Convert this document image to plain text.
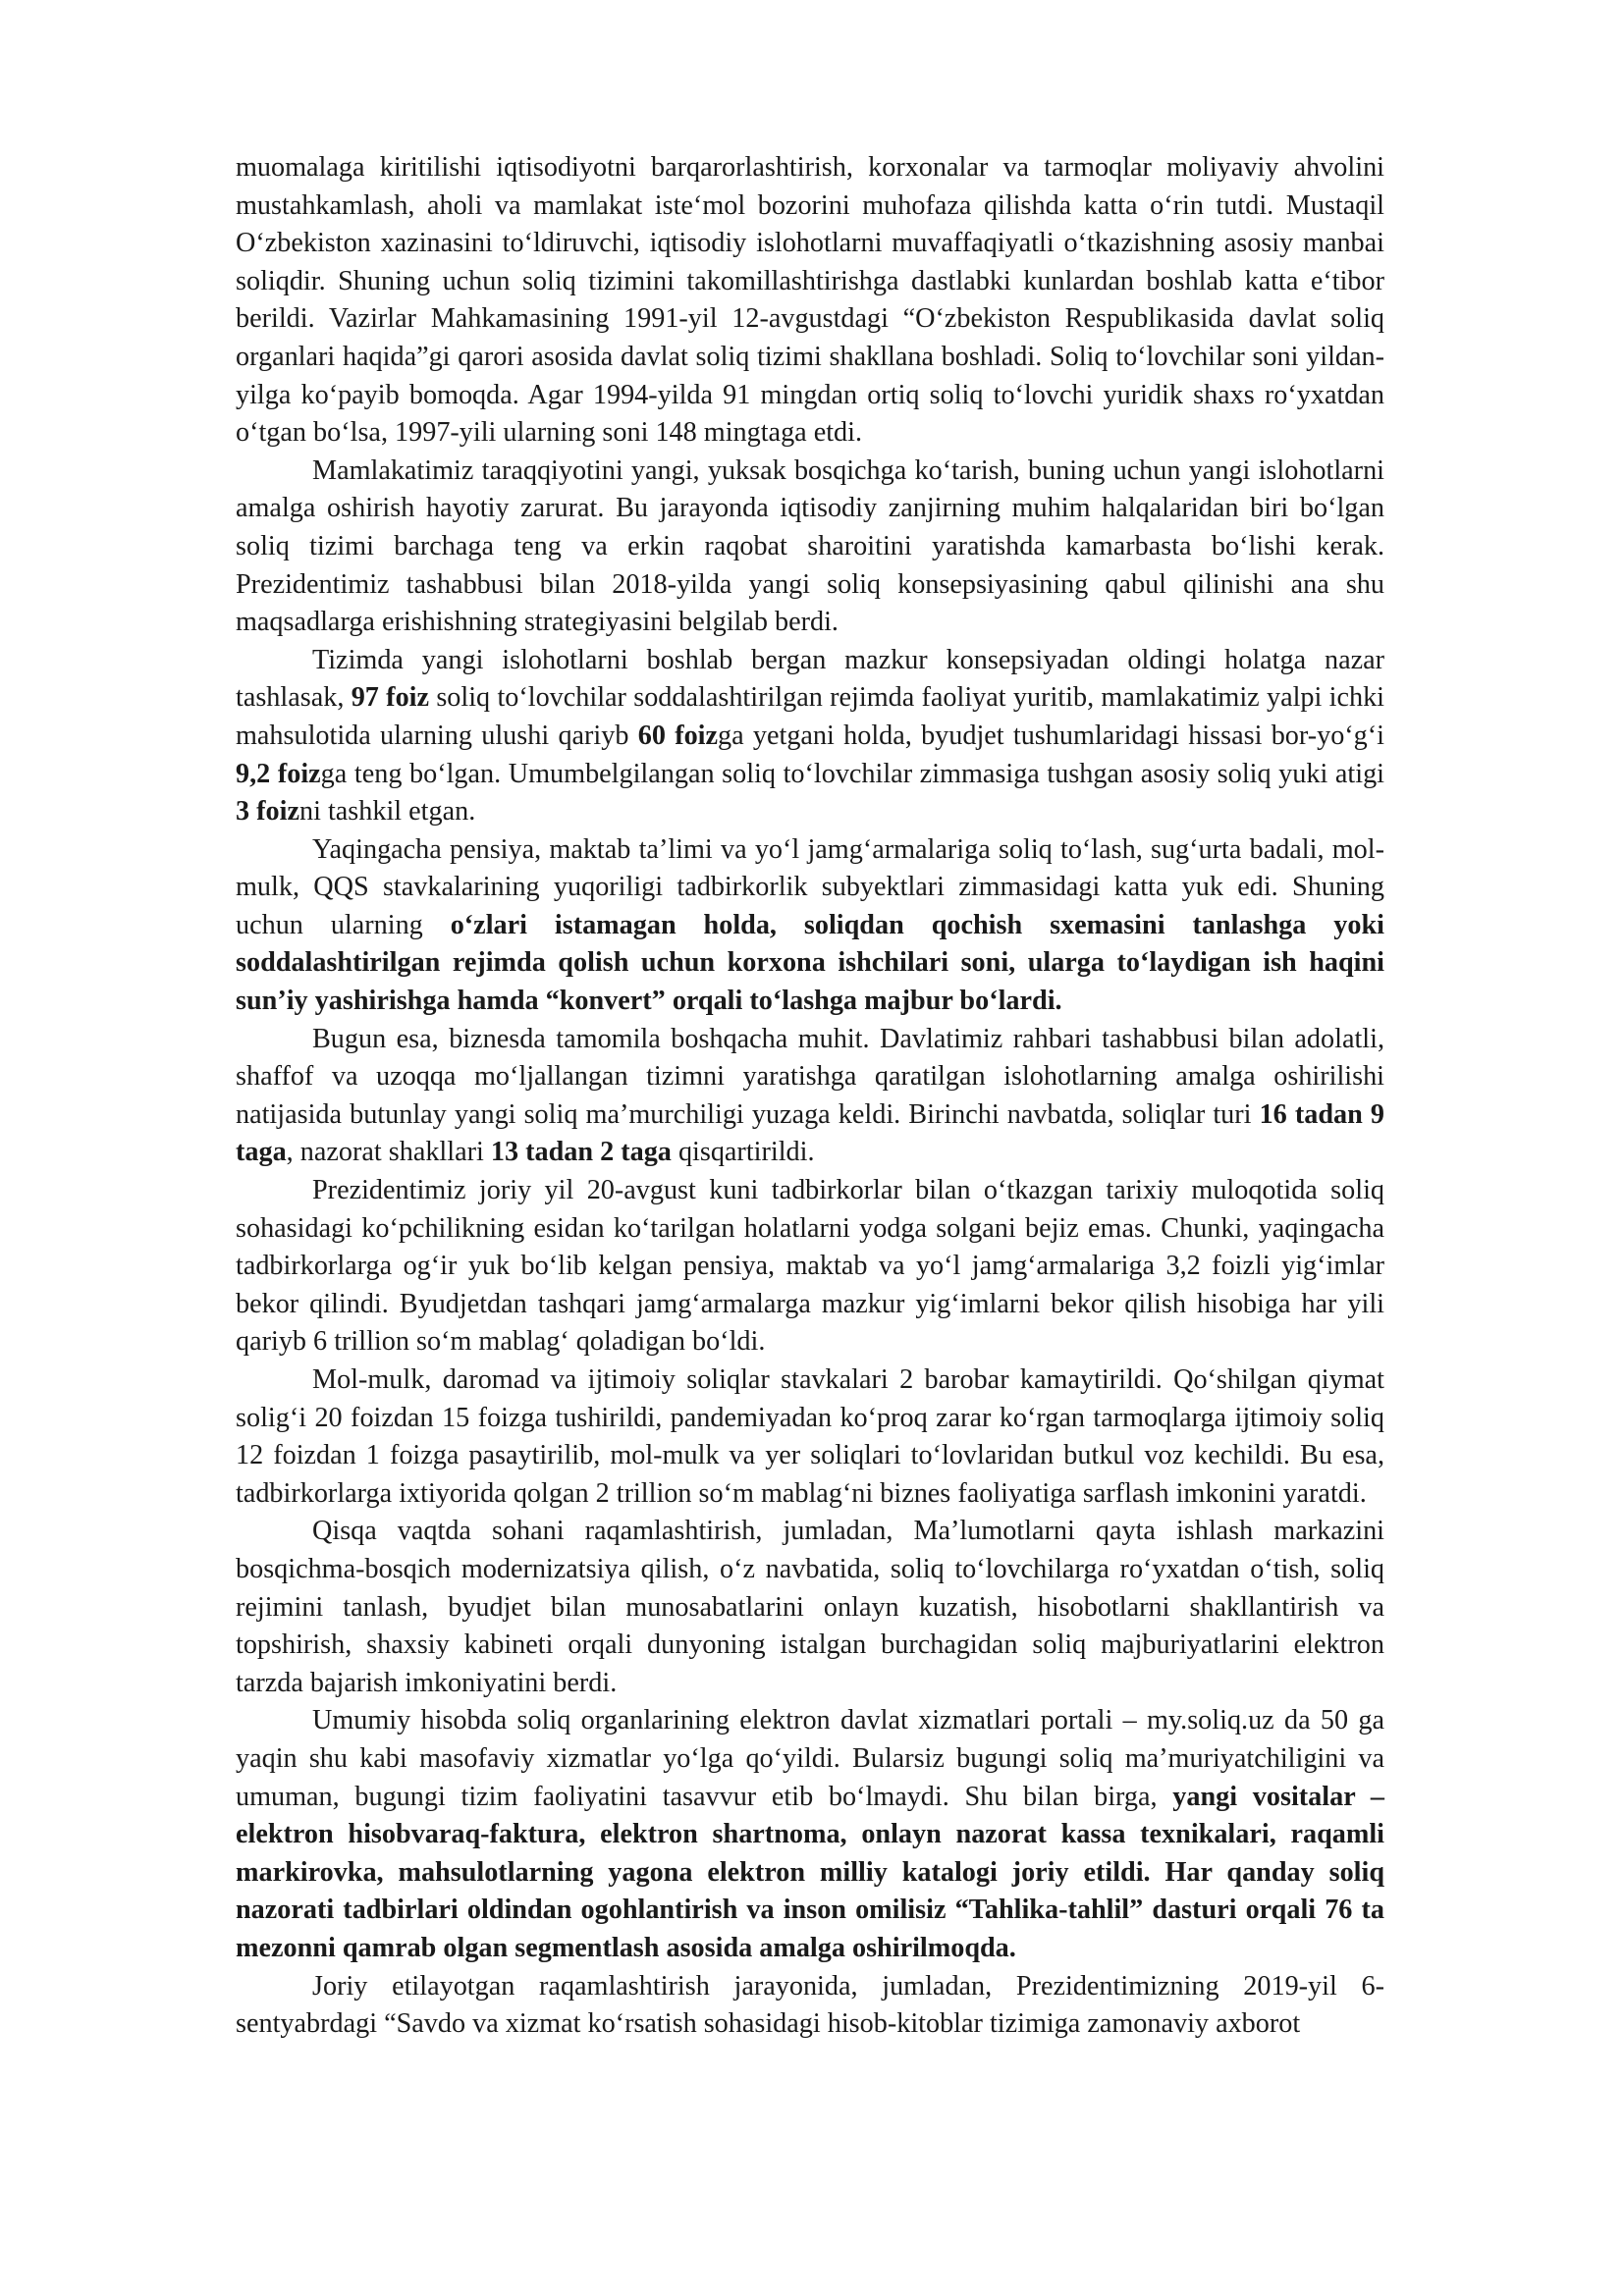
muomalaga kiritilishi iqtisodiyotni barqarorlashtirish, korxonalar va tarmoqlar moliyaviy ahvolini mustahkamlash, aholi va mamlakat iste‘mol bozorini muhofaza qilishda katta o‘rin tutdi. Mustaqil O‘zbekiston xazinasini to‘ldiruvchi, iqtisodiy islohotlarni muvaffaqiyatli o‘tkazishning asosiy manbai soliqdir. Shuning uchun soliq tizimini takomillashtirishga dastlabki kunlardan boshlab katta e‘tibor berildi. Vazirlar Mahkamasining 1991-yil 12-avgustdagi “O‘zbekiston Respublikasida davlat soliq organlari haqida”gi qarori asosida davlat soliq tizimi shakllana boshladi. Soliq to‘lovchilar soni yildan-yilga ko‘payib bomoqda. Agar 1994-yilda 91 mingdan ortiq soliq to‘lovchi yuridik shaxs ro‘yxatdan o‘tgan bo‘lsa, 1997-yili ularning soni 148 mingtaga etdi.

Mamlakatimiz taraqqiyotini yangi, yuksak bosqichga ko‘tarish, buning uchun yangi islohotlarni amalga oshirish hayotiy zarurat. Bu jarayonda iqtisodiy zanjirning muhim halqalaridan biri bo‘lgan soliq tizimi barchaga teng va erkin raqobat sharoitini yaratishda kamarbasta bo‘lishi kerak. Prezidentimiz tashabbusi bilan 2018-yilda yangi soliq konsepsiyasining qabul qilinishi ana shu maqsadlarga erishishning strategiyasini belgilab berdi.

Tizimda yangi islohotlarni boshlab bergan mazkur konsepsiyadan oldingi holatga nazar tashlasak, 97 foiz soliq to‘lovchilar soddalashtirilgan rejimda faoliyat yuritib, mamlakatimiz yalpi ichki mahsulotida ularning ulushi qariyb 60 foizga yetgani holda, byudjet tushumlaridagi hissasi bor-yo‘g‘i 9,2 foizga teng bo‘lgan. Umumbelgilangan soliq to‘lovchilar zimmasiga tushgan asosiy soliq yuki atigi 3 foizni tashkil etgan.

Yaqingacha pensiya, maktab ta’limi va yo‘l jamg‘armalariga soliq to‘lash, sug‘urta badali, mol-mulk, QQS stavkalarining yuqoriligi tadbirkorlik subyektlari zimmasidagi katta yuk edi. Shuning uchun ularning o‘zlari istamagan holda, soliqdan qochish sxemasini tanlashga yoki soddalashtirilgan rejimda qolish uchun korxona ishchilari soni, ularga to‘laydigan ish haqini sun’iy yashirishga hamda “konvert” orqali to‘lashga majbur bo‘lardi.

Bugun esa, biznesda tamomila boshqacha muhit. Davlatimiz rahbari tashabbusi bilan adolatli, shaffof va uzoqqa mo‘ljallangan tizimni yaratishga qaratilgan islohotlarning amalga oshirilishi natijasida butunlay yangi soliq ma’murchiligi yuzaga keldi. Birinchi navbatda, soliqlar turi 16 tadan 9 taga, nazorat shakllari 13 tadan 2 taga qisqartirildi.

Prezidentimiz joriy yil 20-avgust kuni tadbirkorlar bilan o‘tkazgan tarixiy muloqotida soliq sohasidagi ko‘pchilikning esidan ko‘tarilgan holatlarni yodga solgani bejiz emas. Chunki, yaqingacha tadbirkorlarga og‘ir yuk bo‘lib kelgan pensiya, maktab va yo‘l jamg‘armalariga 3,2 foizli yig‘imlar bekor qilindi. Byudjetdan tashqari jamg‘armalarga mazkur yig‘imlarni bekor qilish hisobiga har yili qariyb 6 trillion so‘m mablag‘ qoladigan bo‘ldi.

Mol-mulk, daromad va ijtimoiy soliqlar stavkalari 2 barobar kamaytirildi. Qo‘shilgan qiymat solig‘i 20 foizdan 15 foizga tushirildi, pandemiyadan ko‘proq zarar ko‘rgan tarmoqlarga ijtimoiy soliq 12 foizdan 1 foizga pasaytirilib, mol-mulk va yer soliqlari to‘lovlaridan butkul voz kechildi. Bu esa, tadbirkorlarga ixtiyorida qolgan 2 trillion so‘m mablag‘ni biznes faoliyatiga sarflash imkonini yaratdi.

Qisqa vaqtda sohani raqamlashtirish, jumladan, Ma’lumotlarni qayta ishlash markazini bosqichma-bosqich modernizatsiya qilish, o‘z navbatida, soliq to‘lovchilarga ro‘yxatdan o‘tish, soliq rejimini tanlash, byudjet bilan munosabatlarini onlayn kuzatish, hisobotlarni shakllantirish va topshirish, shaxsiy kabineti orqali dunyoning istalgan burchagidan soliq majburiyatlarini elektron tarzda bajarish imkoniyatini berdi.

Umumiy hisobda soliq organlarining elektron davlat xizmatlari portali – my.soliq.uz da 50 ga yaqin shu kabi masofaviy xizmatlar yo‘lga qo‘yildi. Bularsiz bugungi soliq ma’muriyatchiligini va umuman, bugungi tizim faoliyatini tasavvur etib bo‘lmaydi. Shu bilan birga, yangi vositalar – elektron hisobvaraq-faktura, elektron shartnoma, onlayn nazorat kassa texnikalari, raqamli markirovka, mahsulotlarning yagona elektron milliy katalogi joriy etildi. Har qanday soliq nazorati tadbirlari oldindan ogohlantirish va inson omilisiz “Tahlika-tahlil” dasturi orqali 76 ta mezonni qamrab olgan segmentlash asosida amalga oshirilmoqda.

Joriy etilayotgan raqamlashtirish jarayonida, jumladan, Prezidentimizning 2019-yil 6-sentyabrdagi “Savdo va xizmat ko‘rsatish sohasidagi hisob-kitoblar tizimiga zamonaviy axborot
